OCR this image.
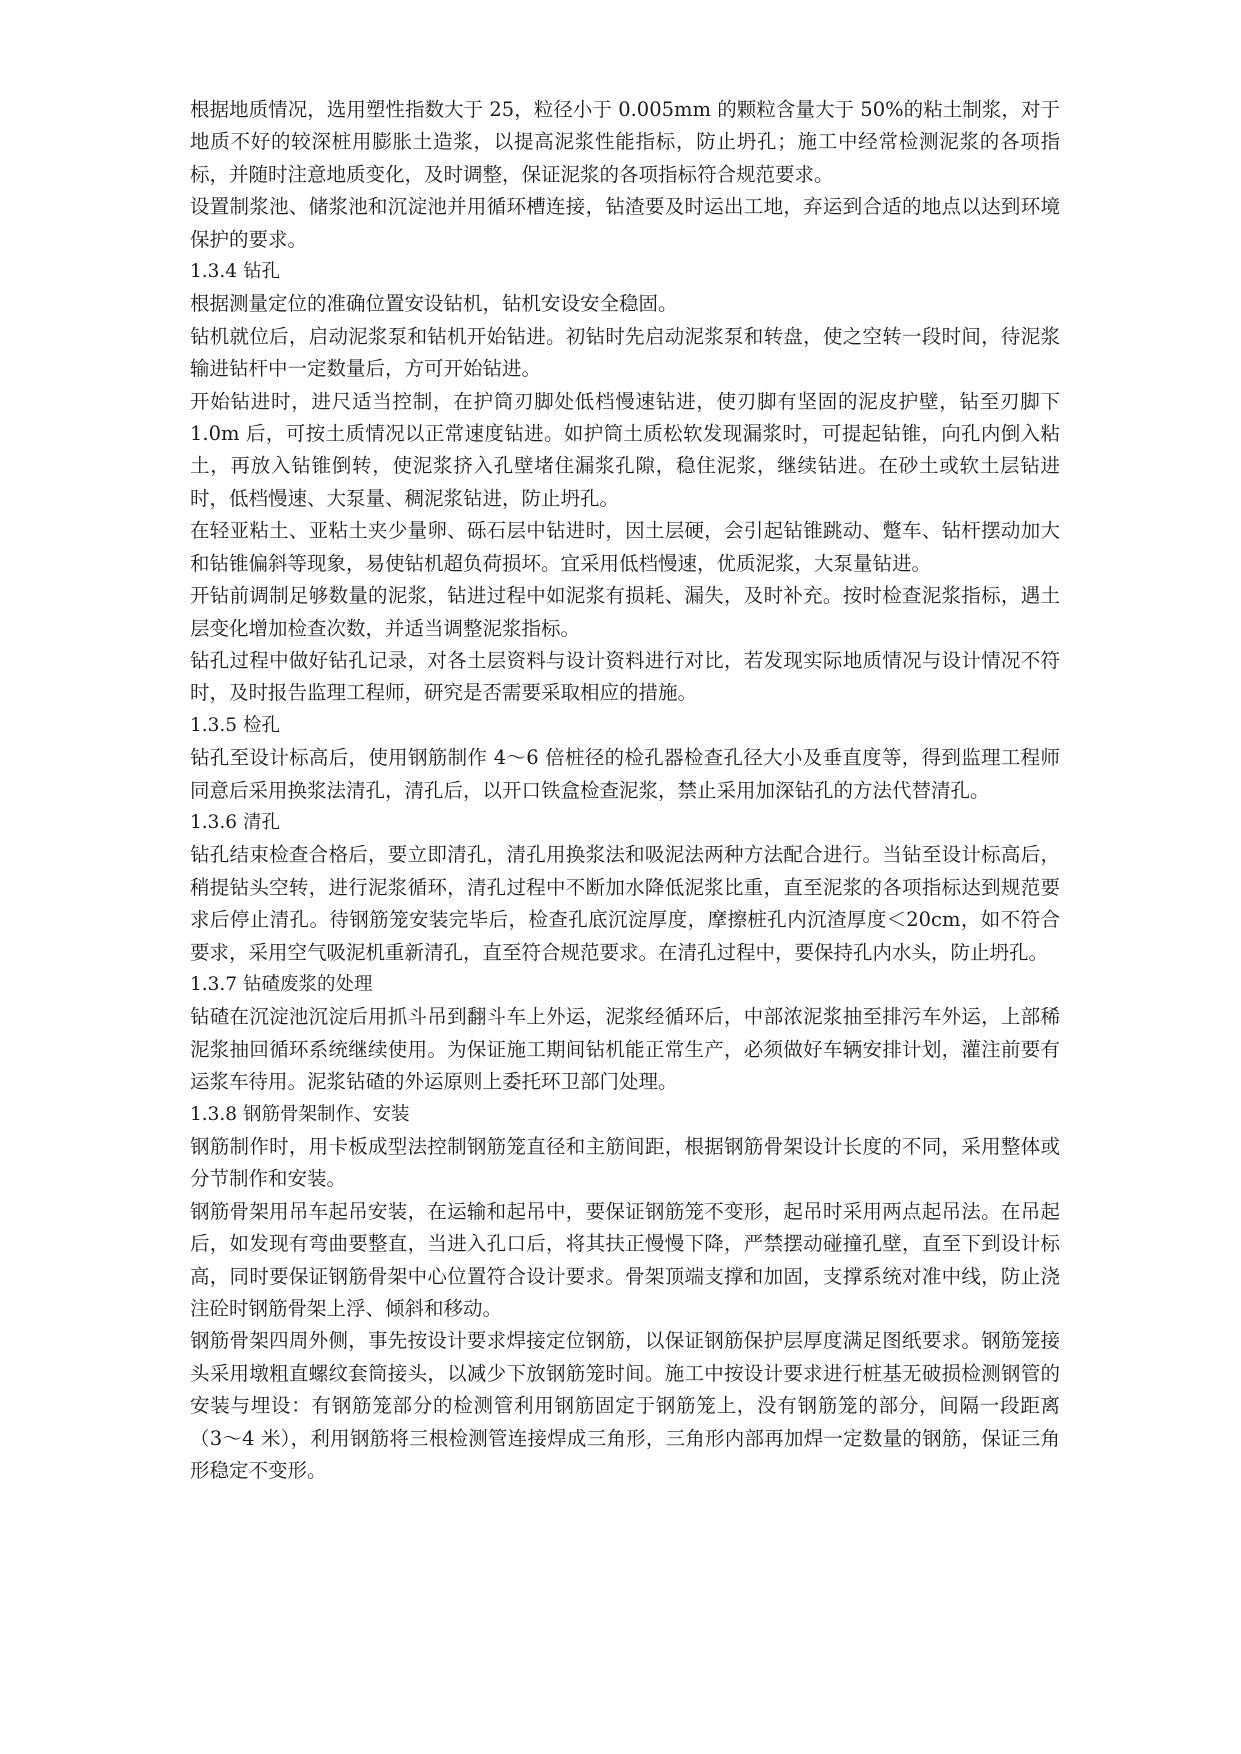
根据地质情况，选用塑性指数大于 25，粒径小于 0.005mm 的颗粒含量大于 50%的粘土制浆，对于地质不好的较深桩用膨胀土造浆，以提高泥浆性能指标，防止坍孔；施工中经常检测泥浆的各项指标，并随时注意地质变化，及时调整，保证泥浆的各项指标符合规范要求。

设置制浆池、储浆池和沉淀池并用循环槽连接，钻渣要及时运出工地，弃运到合适的地点以达到环境保护的要求。

1.3.4 钻孔

根据测量定位的准确位置安设钻机，钻机安设安全稳固。

钻机就位后，启动泥浆泵和钻机开始钻进。初钻时先启动泥浆泵和转盘，使之空转一段时间，待泥浆输进钻杆中一定数量后，方可开始钻进。

开始钻进时，进尺适当控制，在护筒刃脚处低档慢速钻进，使刃脚有坚固的泥皮护壁，钻至刃脚下 1.0m 后，可按土质情况以正常速度钻进。如护筒土质松软发现漏浆时，可提起钻锥，向孔内倒入粘土，再放入钻锥倒转，使泥浆挤入孔壁堵住漏浆孔隙，稳住泥浆，继续钻进。在砂土或软土层钻进时，低档慢速、大泵量、稠泥浆钻进，防止坍孔。

在轻亚粘土、亚粘土夹少量卵、砾石层中钻进时，因土层硬，会引起钻锥跳动、蹩车、钻杆摆动加大和钻锥偏斜等现象，易使钻机超负荷损坏。宜采用低档慢速，优质泥浆，大泵量钻进。

开钻前调制足够数量的泥浆，钻进过程中如泥浆有损耗、漏失，及时补充。按时检查泥浆指标，遇土层变化增加检查次数，并适当调整泥浆指标。

钻孔过程中做好钻孔记录，对各土层资料与设计资料进行对比，若发现实际地质情况与设计情况不符时，及时报告监理工程师，研究是否需要采取相应的措施。

1.3.5 检孔

钻孔至设计标高后，使用钢筋制作 4～6 倍桩径的检孔器检查孔径大小及垂直度等，得到监理工程师同意后采用换浆法清孔，清孔后，以开口铁盒检查泥浆，禁止采用加深钻孔的方法代替清孔。

1.3.6 清孔

钻孔结束检查合格后，要立即清孔，清孔用换浆法和吸泥法两种方法配合进行。当钻至设计标高后，稍提钻头空转，进行泥浆循环，清孔过程中不断加水降低泥浆比重，直至泥浆的各项指标达到规范要求后停止清孔。待钢筋笼安装完毕后，检查孔底沉淀厚度，摩擦桩孔内沉渣厚度＜20cm，如不符合要求，采用空气吸泥机重新清孔，直至符合规范要求。在清孔过程中，要保持孔内水头，防止坍孔。

1.3.7 钻碴废浆的处理

钻碴在沉淀池沉淀后用抓斗吊到翻斗车上外运，泥浆经循环后，中部浓泥浆抽至排污车外运，上部稀泥浆抽回循环系统继续使用。为保证施工期间钻机能正常生产，必须做好车辆安排计划，灌注前要有运浆车待用。泥浆钻碴的外运原则上委托环卫部门处理。

1.3.8 钢筋骨架制作、安装

钢筋制作时，用卡板成型法控制钢筋笼直径和主筋间距，根据钢筋骨架设计长度的不同，采用整体或分节制作和安装。

钢筋骨架用吊车起吊安装，在运输和起吊中，要保证钢筋笼不变形，起吊时采用两点起吊法。在吊起后，如发现有弯曲要整直，当进入孔口后，将其扶正慢慢下降，严禁摆动碰撞孔壁，直至下到设计标高，同时要保证钢筋骨架中心位置符合设计要求。骨架顶端支撑和加固，支撑系统对准中线，防止浇注砼时钢筋骨架上浮、倾斜和移动。

钢筋骨架四周外侧，事先按设计要求焊接定位钢筋，以保证钢筋保护层厚度满足图纸要求。钢筋笼接头采用墩粗直螺纹套筒接头，以减少下放钢筋笼时间。施工中按设计要求进行桩基无破损检测钢管的安装与埋设：有钢筋笼部分的检测管利用钢筋固定于钢筋笼上，没有钢筋笼的部分，间隔一段距离（3～4 米），利用钢筋将三根检测管连接焊成三角形，三角形内部再加焊一定数量的钢筋，保证三角形稳定不变形。
